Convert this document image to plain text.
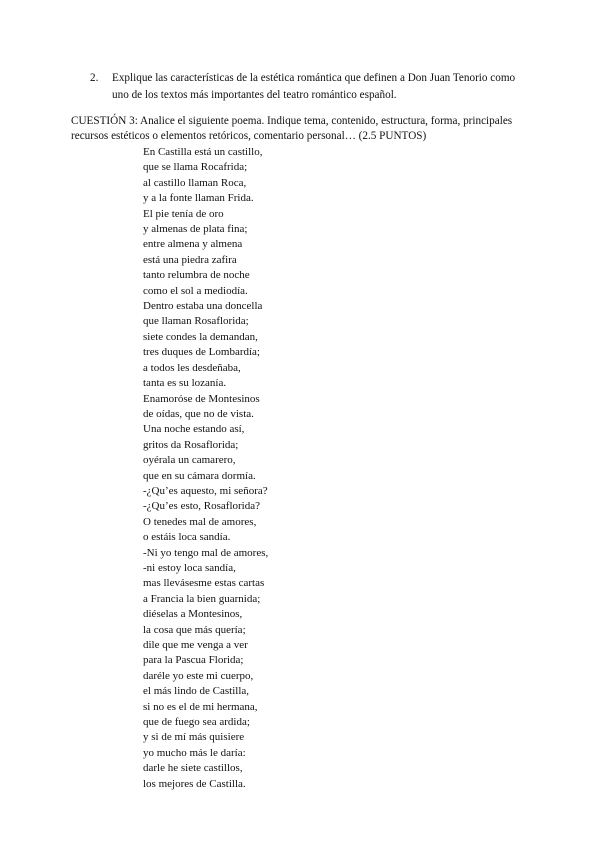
2. Explique las características de la estética romántica que definen a Don Juan Tenorio como uno de los textos más importantes del teatro romántico español.
CUESTIÓN 3: Analice el siguiente poema. Indique tema, contenido, estructura, forma, principales recursos estéticos o elementos retóricos, comentario personal… (2.5 PUNTOS)
En Castilla está un castillo,
que se llama Rocafrida;
al castillo llaman Roca,
y a la fonte llaman Frida.
El pie tenía de oro
y almenas de plata fina;
entre almena y almena
está una piedra zafira
tanto relumbra de noche
como el sol a mediodía.
Dentro estaba una doncella
que llaman Rosaflorida;
siete condes la demandan,
tres duques de Lombardía;
a todos les desdeñaba,
tanta es su lozanía.
Enamoróse de Montesinos
de oídas, que no de vista.
Una noche estando así,
gritos da Rosaflorida;
oyérala un camarero,
que en su cámara dormía.
-¿Qu’es aquesto, mi señora?
-¿Qu’es esto, Rosaflorida?
O tenedes mal de amores,
o estáis loca sandía.
-Ni yo tengo mal de amores,
-ni estoy loca sandía,
mas llevásesme estas cartas
a Francia la bien guarnida;
diéselas a Montesinos,
la cosa que más quería;
dile que me venga a ver
para la Pascua Florida;
daréle yo este mi cuerpo,
el más lindo de Castilla,
si no es el de mi hermana,
que de fuego sea ardida;
y si de mí más quisiere
yo mucho más le daría:
darle he siete castillos,
los mejores de Castilla.
